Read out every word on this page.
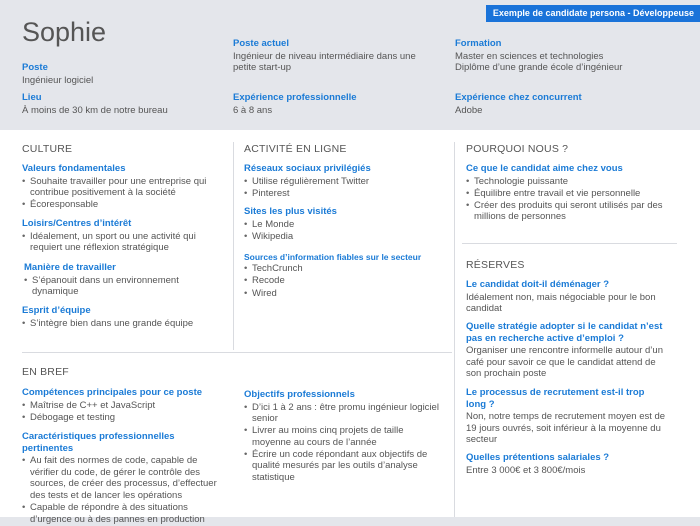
Exemple de candidate persona - Développeuse
Sophie
Poste
Ingénieur logiciel
Lieu
À moins de 30 km de notre bureau
Poste actuel
Ingénieur de niveau intermédiaire dans une petite start-up
Expérience professionnelle
6 à 8 ans
Formation
Master en sciences et technologies
Diplôme d’une grande école d’ingénieur
Expérience chez concurrent
Adobe
CULTURE
Valeurs fondamentales
• Souhaite travailler pour une entreprise qui contribue positivement à la société
• Écoresponsable
Loisirs/Centres d’intérêt
• Idéalement, un sport ou une activité qui requiert une réflexion stratégique
Manière de travailler
• S’épanouit dans un environnement dynamique
Esprit d’équipe
• S’intègre bien dans une grande équipe
ACTIVITÉ EN LIGNE
Réseaux sociaux privilégiés
• Utilise régulièrement Twitter
• Pinterest
Sites les plus visités
• Le Monde
• Wikipedia
Sources d’information fiables sur le secteur
• TechCrunch
• Recode
• Wired
POURQUOI NOUS ?
Ce que le candidat aime chez vous
• Technologie puissante
• Équilibre entre travail et vie personnelle
• Créer des produits qui seront utilisés par des millions de personnes
RÉSERVES
Le candidat doit-il déménager ?
Idéalement non, mais négociable pour le bon candidat
Quelle stratégie adopter si le candidat n’est pas en recherche active d’emploi ?
Organiser une rencontre informelle autour d’un café pour savoir ce que le candidat attend de son prochain poste
Le processus de recrutement est-il trop long ?
Non, notre temps de recrutement moyen est de 19 jours ouvrés, soit inférieur à la moyenne du secteur
Quelles prétentions salariales ?
Entre 3 000€ et 3 800€/mois
EN BREF
Compétences principales pour ce poste
• Maîtrise de C++ et JavaScript
• Débogage et testing
Caractéristiques professionnelles pertinentes
• Au fait des normes de code, capable de vérifier du code, de gérer le contrôle des sources, de créer des processus, d’effectuer des tests et de lancer les opérations
• Capable de répondre à des situations d’urgence ou à des pannes en production
Objectifs professionnels
• D’ici 1 à 2 ans : être promu ingénieur logiciel senior
• Livrer au moins cinq projets de taille moyenne au cours de l’année
• Écrire un code répondant aux objectifs de qualité mesurés par les outils d’analyse statistique
